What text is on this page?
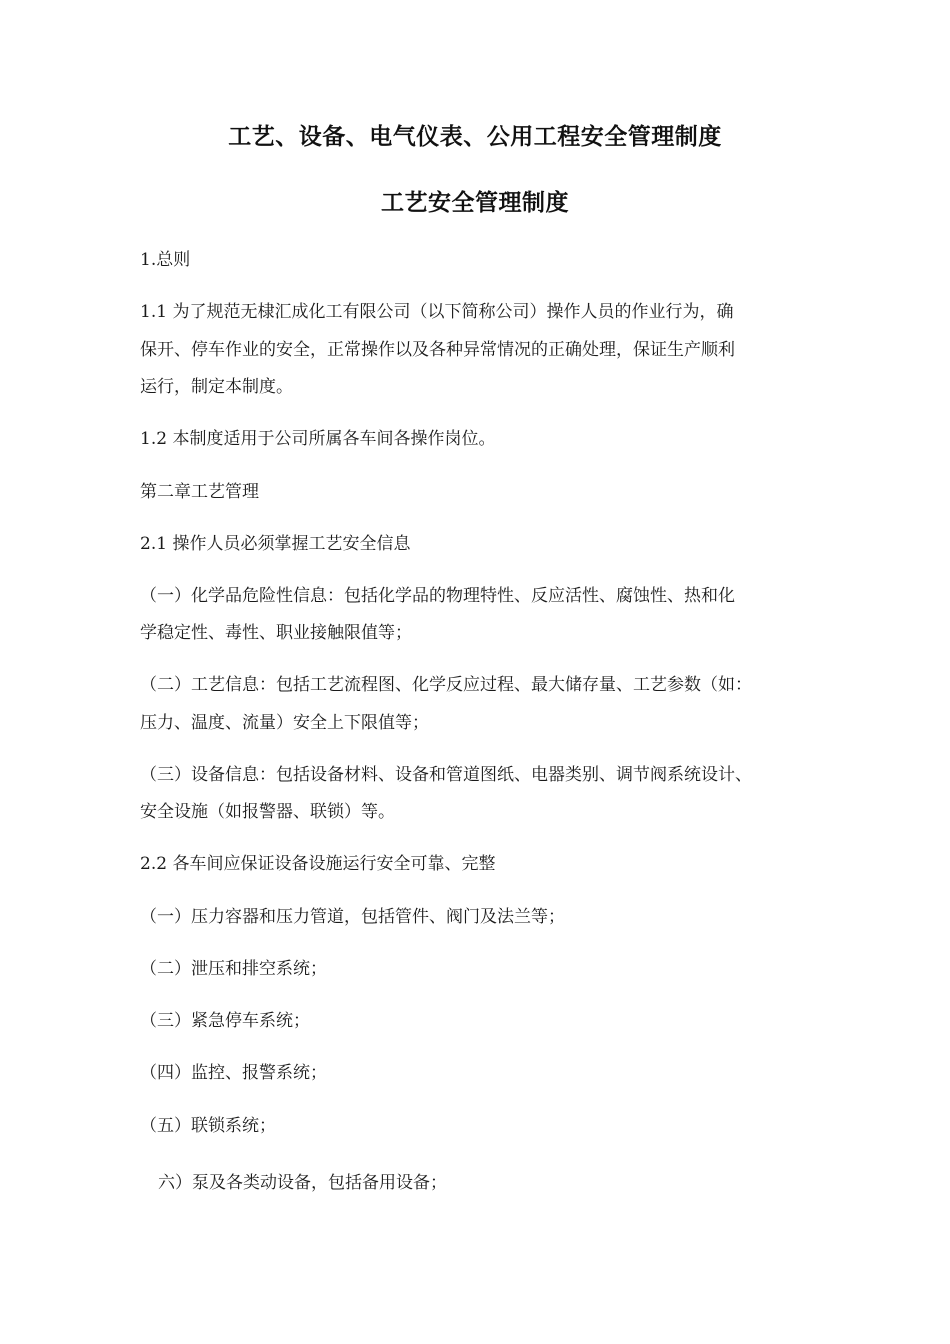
工艺、设备、电气仪表、公用工程安全管理制度
工艺安全管理制度
1.总则
1.1 为了规范无棣汇成化工有限公司（以下简称公司）操作人员的作业行为，确
保开、停车作业的安全，正常操作以及各种异常情况的正确处理，保证生产顺利
运行，制定本制度。
1.2 本制度适用于公司所属各车间各操作岗位。
第二章工艺管理
2.1 操作人员必须掌握工艺安全信息
（一）化学品危险性信息：包括化学品的物理特性、反应活性、腐蚀性、热和化
学稳定性、毒性、职业接触限值等；
（二）工艺信息：包括工艺流程图、化学反应过程、最大储存量、工艺参数（如：
压力、温度、流量）安全上下限值等；
（三）设备信息：包括设备材料、设备和管道图纸、电器类别、调节阀系统设计、
安全设施（如报警器、联锁）等。
2.2 各车间应保证设备设施运行安全可靠、完整
（一）压力容器和压力管道，包括管件、阀门及法兰等；
（二）泄压和排空系统；
（三）紧急停车系统；
（四）监控、报警系统；
（五）联锁系统；
六）泵及各类动设备，包括备用设备；
